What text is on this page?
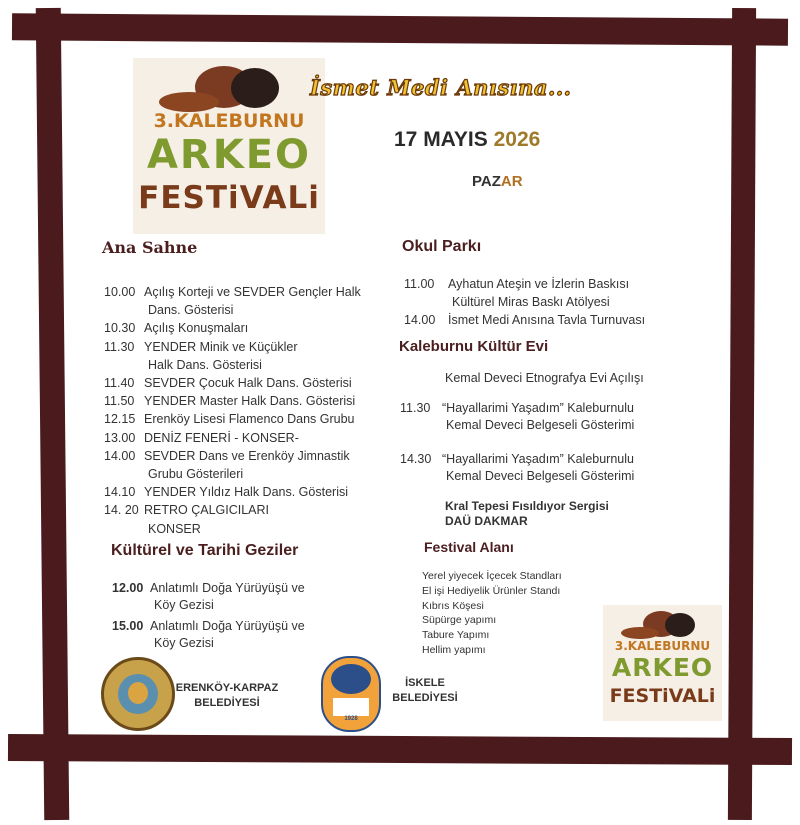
3.KALEBURNU
ARKEO
FESTiVALi
İsmet Medi Anısına...
17 MAYIS 2026
PAZAR
Ana Sahne
10.00 Açılış Korteji ve SEVDER Gençler Halk
Dans. Gösterisi
10.30 Açılış Konuşmaları
11.30 YENDER Minik ve Küçükler
Halk Dans. Gösterisi
11.40 SEVDER Çocuk Halk Dans. Gösterisi
11.50 YENDER Master Halk Dans. Gösterisi
12.15 Erenköy Lisesi Flamenco Dans Grubu
13.00 DENİZ FENERİ - KONSER-
14.00 SEVDER Dans ve Erenköy Jimnastik
Grubu Gösterileri
14.10 YENDER Yıldız Halk Dans. Gösterisi
14. 20 RETRO ÇALGICILARI
KONSER
Kültürel ve Tarihi Geziler
12.00 Anlatımlı Doğa Yürüyüşü ve
Köy Gezisi
15.00 Anlatımlı Doğa Yürüyüşü ve
Köy Gezisi
Okul Parkı
11.00 Ayhatun Ateşin ve İzlerin Baskısı
Kültürel Miras Baskı Atölyesi
14.00 İsmet Medi Anısına Tavla Turnuvası
Kaleburnu Kültür Evi
Kemal Deveci Etnografya Evi Açılışı
11.30 “Hayallarimi Yaşadım” Kaleburnulu
Kemal Deveci Belgeseli Gösterimi
14.30 “Hayallarimi Yaşadım” Kaleburnulu
Kemal Deveci Belgeseli Gösterimi
Kral Tepesi Fısıldıyor Sergisi
DAÜ DAKMAR
Festival Alanı
Yerel yiyecek İçecek Standları
El işi Hediyelik Ürünler Standı
Kıbrıs Köşesi
Süpürge yapımı
Tabure Yapımı
Hellim yapımı
ERENKÖY-KARPAZ
BELEDİYESİ
1928
İSKELE
BELEDİYESİ
3.KALEBURNU
ARKEO
FESTiVALi
